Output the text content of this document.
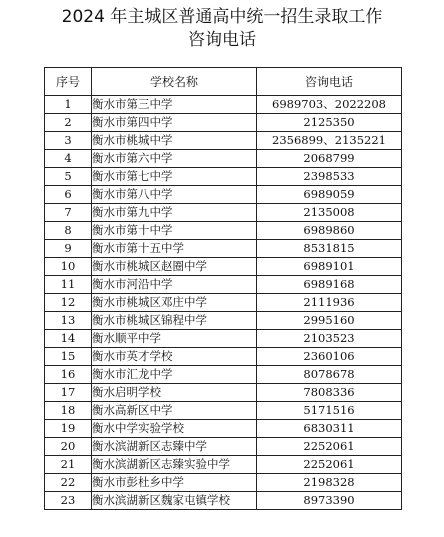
2024 年主城区普通高中统一招生录取工作
咨询电话
序号	学校名称	咨询电话
1	衡水市第三中学	6989703、2022208
2	衡水市第四中学	2125350
3	衡水市桃城中学	2356899、2135221
4	衡水市第六中学	2068799
5	衡水市第七中学	2398533
6	衡水市第八中学	6989059
7	衡水市第九中学	2135008
8	衡水市第十中学	6989860
9	衡水市第十五中学	8531815
10	衡水市桃城区赵圈中学	6989101
11	衡水市河沿中学	6989168
12	衡水市桃城区邓庄中学	2111936
13	衡水市桃城区锦程中学	2995160
14	衡水顺平中学	2103523
15	衡水市英才学校	2360106
16	衡水市汇龙中学	8078678
17	衡水启明学校	7808336
18	衡水高新区中学	5171516
19	衡水中学实验学校	6830311
20	衡水滨湖新区志臻中学	2252061
21	衡水滨湖新区志臻实验中学	2252061
22	衡水市彭杜乡中学	2198328
23	衡水滨湖新区魏家屯镇学校	8973390
